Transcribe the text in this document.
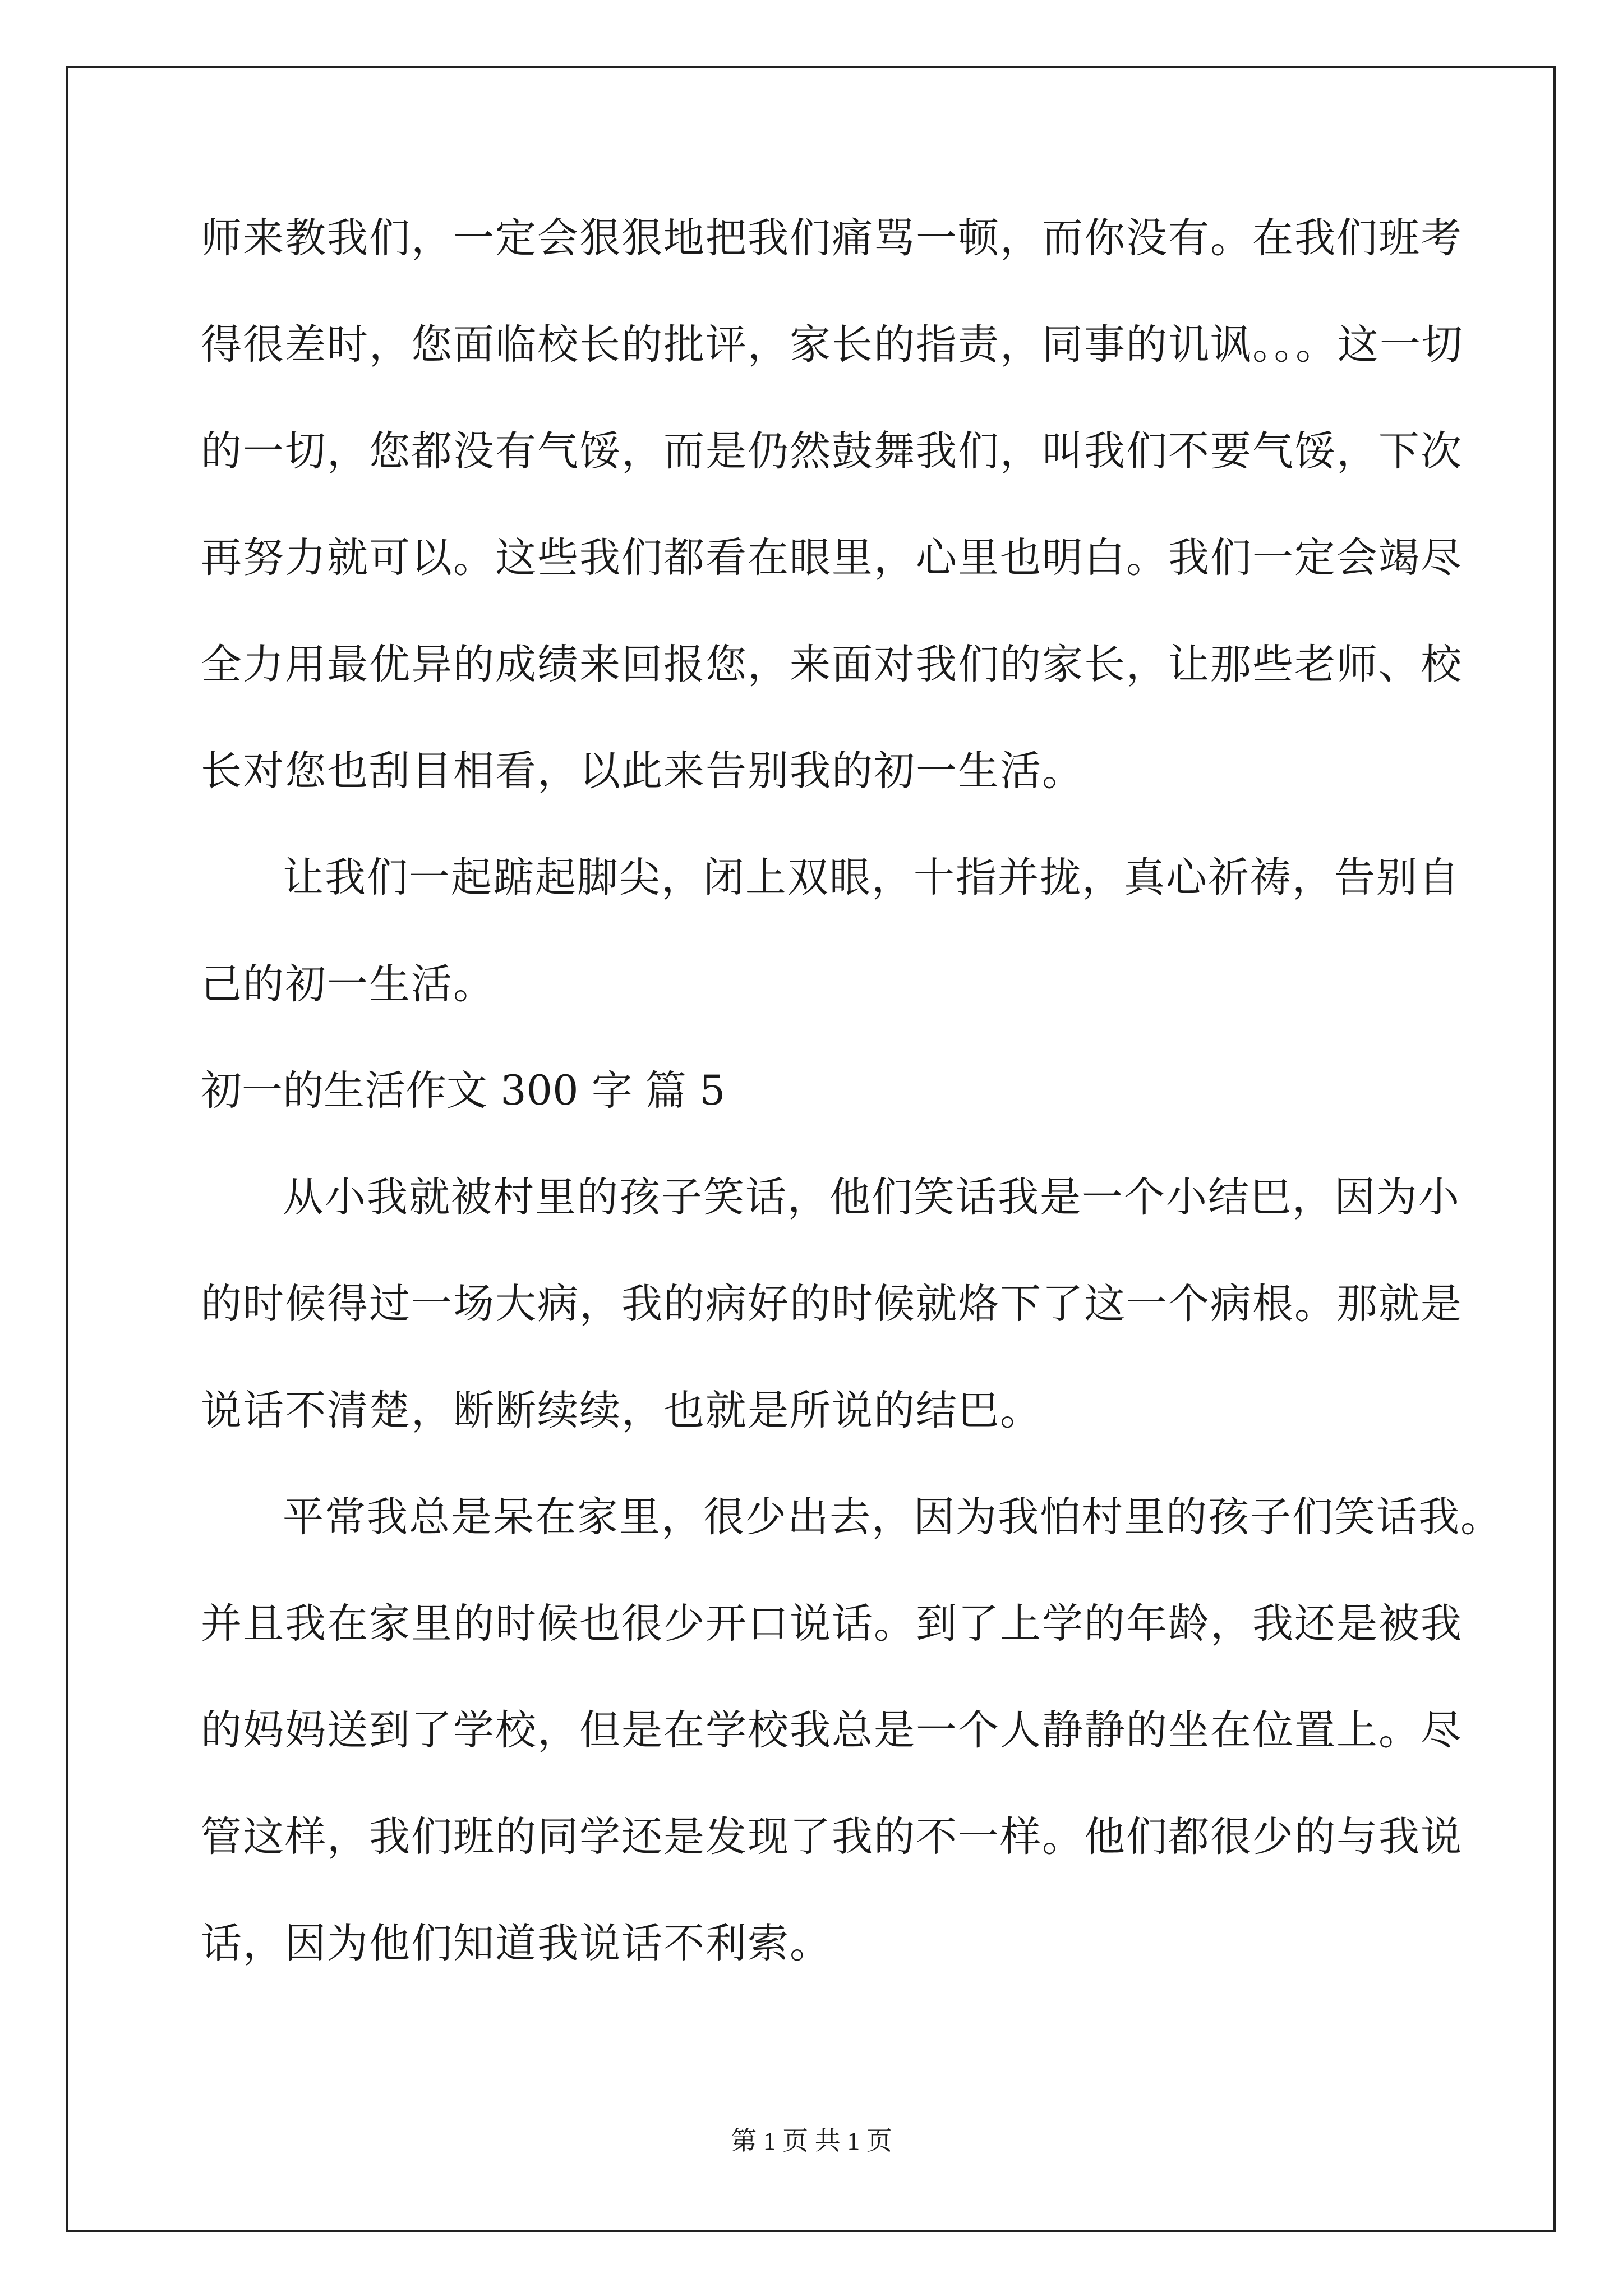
师来教我们，一定会狠狠地把我们痛骂一顿，而你没有。在我们班考
得很差时，您面临校长的批评，家长的指责，同事的讥讽。。。这一切
的一切，您都没有气馁，而是仍然鼓舞我们，叫我们不要气馁，下次
再努力就可以。这些我们都看在眼里，心里也明白。我们一定会竭尽
全力用最优异的成绩来回报您，来面对我们的家长，让那些老师、校
长对您也刮目相看，以此来告别我的初一生活。
让我们一起踮起脚尖，闭上双眼，十指并拢，真心祈祷，告别自
己的初一生活。
初一的生活作文 300 字 篇 5
从小我就被村里的孩子笑话，他们笑话我是一个小结巴，因为小
的时候得过一场大病，我的病好的时候就烙下了这一个病根。那就是
说话不清楚，断断续续，也就是所说的结巴。
平常我总是呆在家里，很少出去，因为我怕村里的孩子们笑话我。
并且我在家里的时候也很少开口说话。到了上学的年龄，我还是被我
的妈妈送到了学校，但是在学校我总是一个人静静的坐在位置上。尽
管这样，我们班的同学还是发现了我的不一样。他们都很少的与我说
话，因为他们知道我说话不利索。
第 1 页 共 1 页
